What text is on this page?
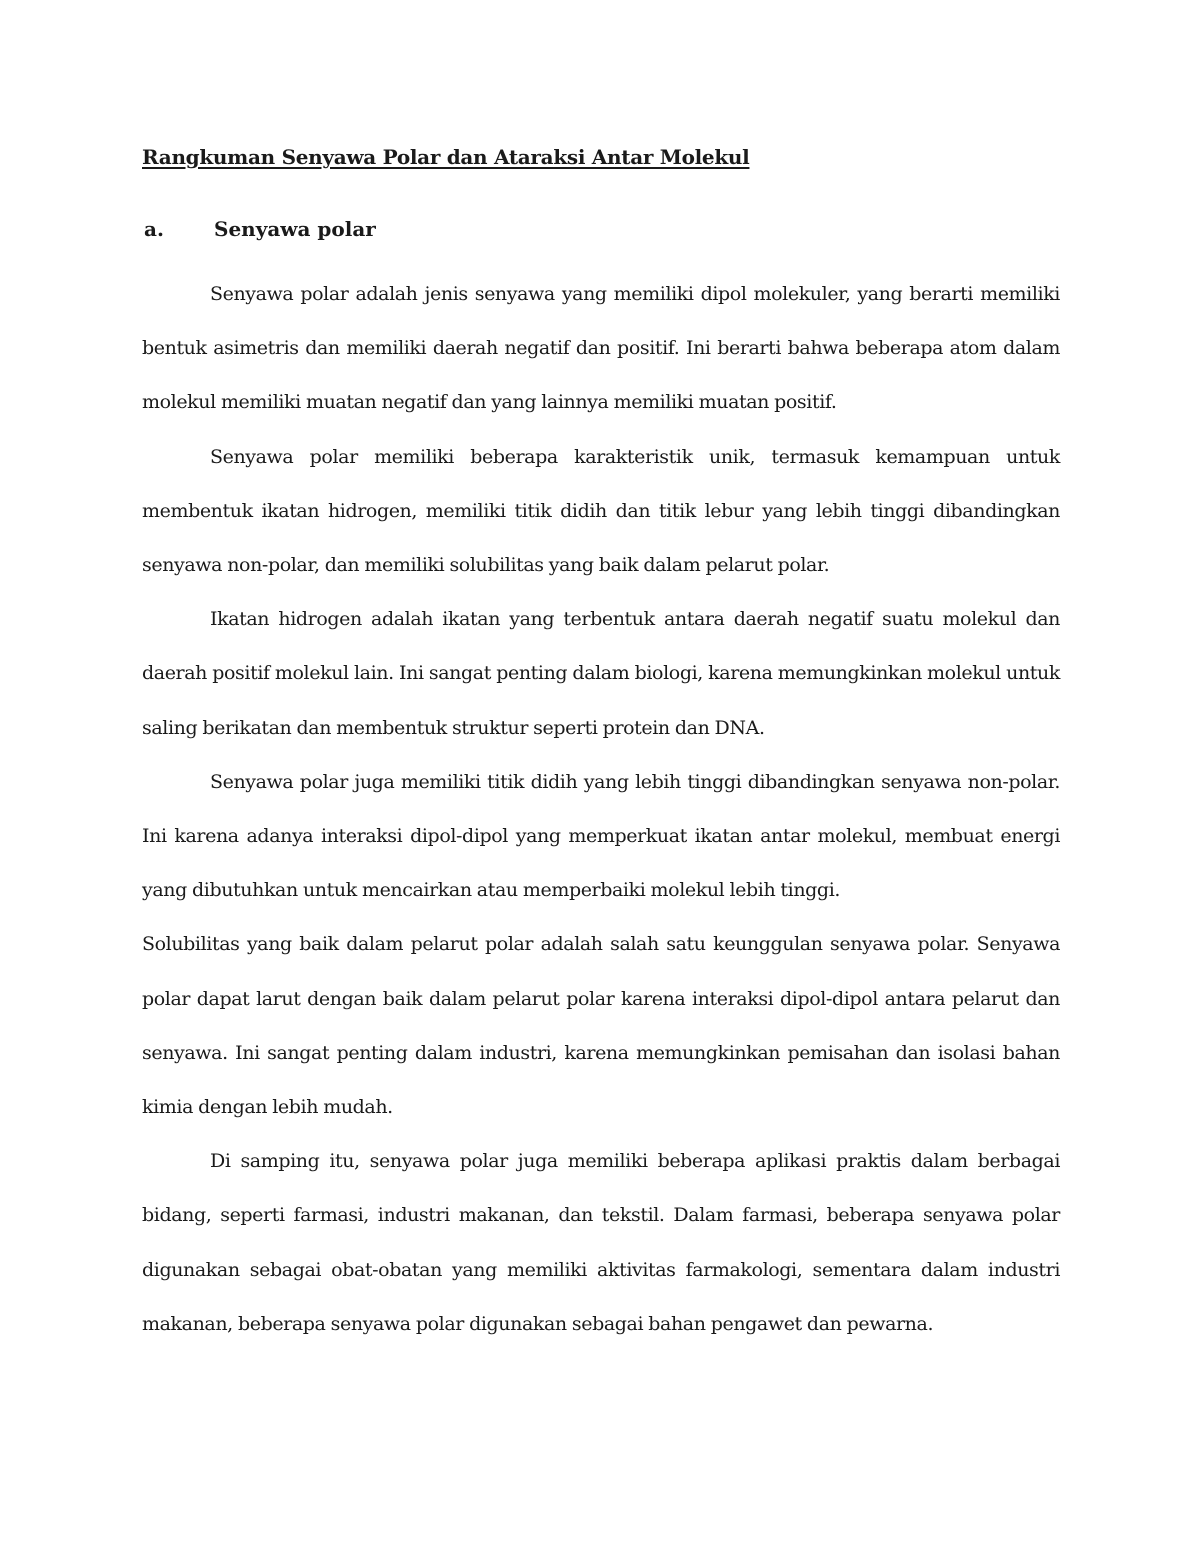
Rangkuman Senyawa Polar dan Ataraksi Antar Molekul
a.	Senyawa polar

Senyawa polar adalah jenis senyawa yang memiliki dipol molekuler, yang berarti memiliki bentuk asimetris dan memiliki daerah negatif dan positif. Ini berarti bahwa beberapa atom dalam molekul memiliki muatan negatif dan yang lainnya memiliki muatan positif.

Senyawa polar memiliki beberapa karakteristik unik, termasuk kemampuan untuk membentuk ikatan hidrogen, memiliki titik didih dan titik lebur yang lebih tinggi dibandingkan senyawa non-polar, dan memiliki solubilitas yang baik dalam pelarut polar.

Ikatan hidrogen adalah ikatan yang terbentuk antara daerah negatif suatu molekul dan daerah positif molekul lain. Ini sangat penting dalam biologi, karena memungkinkan molekul untuk saling berikatan dan membentuk struktur seperti protein dan DNA.

Senyawa polar juga memiliki titik didih yang lebih tinggi dibandingkan senyawa non-polar. Ini karena adanya interaksi dipol-dipol yang memperkuat ikatan antar molekul, membuat energi yang dibutuhkan untuk mencairkan atau memperbaiki molekul lebih tinggi.

Solubilitas yang baik dalam pelarut polar adalah salah satu keunggulan senyawa polar. Senyawa polar dapat larut dengan baik dalam pelarut polar karena interaksi dipol-dipol antara pelarut dan senyawa. Ini sangat penting dalam industri, karena memungkinkan pemisahan dan isolasi bahan kimia dengan lebih mudah.

Di samping itu, senyawa polar juga memiliki beberapa aplikasi praktis dalam berbagai bidang, seperti farmasi, industri makanan, dan tekstil. Dalam farmasi, beberapa senyawa polar digunakan sebagai obat-obatan yang memiliki aktivitas farmakologi, sementara dalam industri makanan, beberapa senyawa polar digunakan sebagai bahan pengawet dan pewarna.
